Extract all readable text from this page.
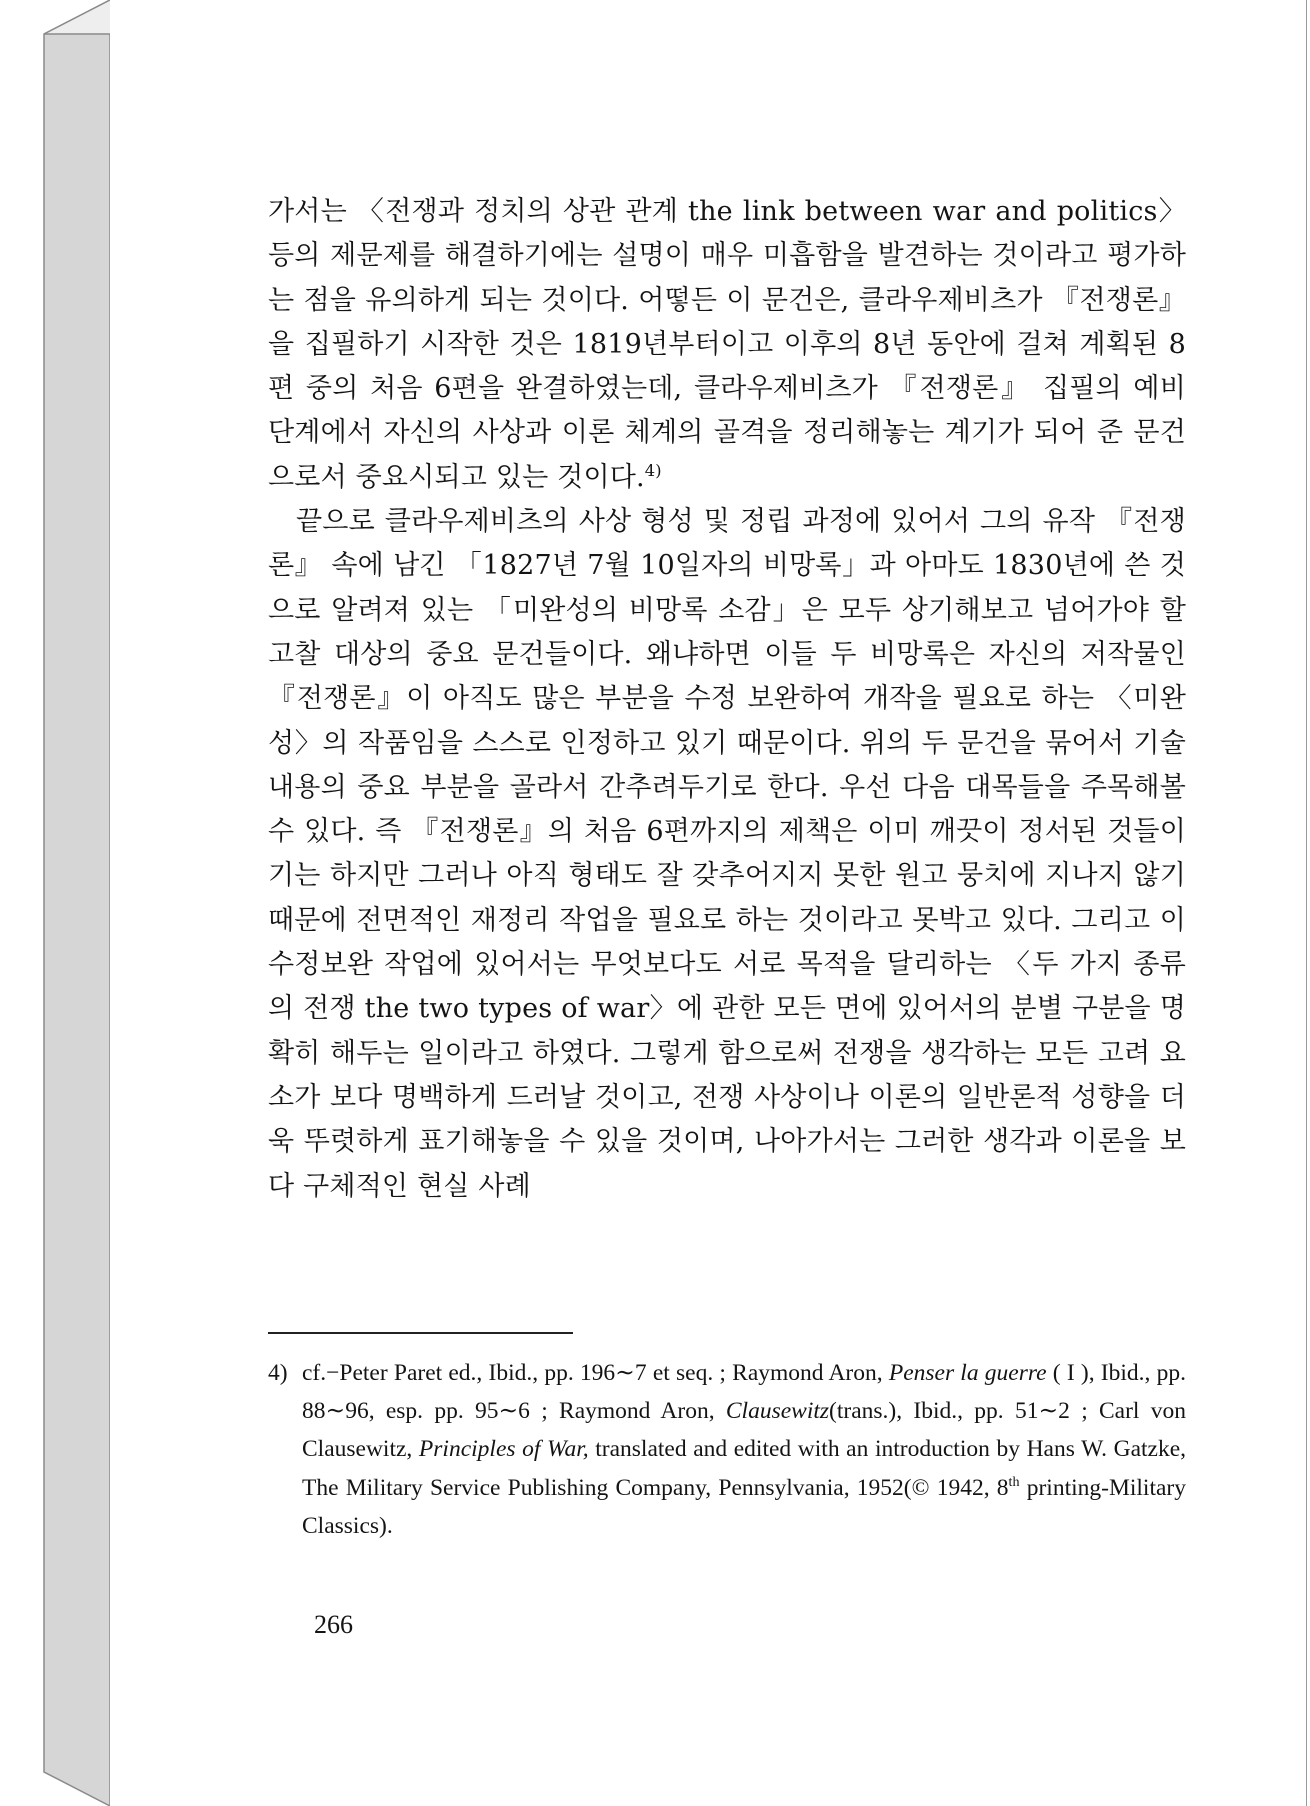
가서는 〈전쟁과 정치의 상관 관계 the link between war and politics〉 등의 제문제를 해결하기에는 설명이 매우 미흡함을 발견하는 것이라고 평가하는 점을 유의하게 되는 것이다. 어떻든 이 문건은, 클라우제비츠가 『전쟁론』을 집필하기 시작한 것은 1819년부터이고 이후의 8년 동안에 걸쳐 계획된 8편 중의 처음 6편을 완결하였는데, 클라우제비츠가 『전쟁론』 집필의 예비 단계에서 자신의 사상과 이론 체계의 골격을 정리해놓는 계기가 되어 준 문건으로서 중요시되고 있는 것이다.$^{4)}$

끝으로 클라우제비츠의 사상 형성 및 정립 과정에 있어서 그의 유작 『전쟁론』 속에 남긴 「1827년 7월 10일자의 비망록」과 아마도 1830년에 쓴 것으로 알려져 있는 「미완성의 비망록 소감」은 모두 상기해보고 넘어가야 할 고찰 대상의 중요 문건들이다. 왜냐하면 이들 두 비망록은 자신의 저작물인 『전쟁론』이 아직도 많은 부분을 수정 보완하여 개작을 필요로 하는 〈미완성〉의 작품임을 스스로 인정하고 있기 때문이다. 위의 두 문건을 묶어서 기술 내용의 중요 부분을 골라서 간추려두기로 한다. 우선 다음 대목들을 주목해볼 수 있다. 즉 『전쟁론』의 처음 6편까지의 제책은 이미 깨끗이 정서된 것들이기는 하지만 그러나 아직 형태도 잘 갖추어지지 못한 원고 뭉치에 지나지 않기 때문에 전면적인 재정리 작업을 필요로 하는 것이라고 못박고 있다. 그리고 이 수정보완 작업에 있어서는 무엇보다도 서로 목적을 달리하는 〈두 가지 종류의 전쟁 the two types of war〉에 관한 모든 면에 있어서의 분별 구분을 명확히 해두는 일이라고 하였다. 그렇게 함으로써 전쟁을 생각하는 모든 고려 요소가 보다 명백하게 드러날 것이고, 전쟁 사상이나 이론의 일반론적 성향을 더욱 뚜렷하게 표기해놓을 수 있을 것이며, 나아가서는 그러한 생각과 이론을 보다 구체적인 현실 사례

4) cf.−Peter Paret ed., Ibid., pp. 196∼7 et seq. ; Raymond Aron, Penser la guerre ( I ), Ibid., pp. 88∼96, esp. pp. 95∼6 ; Raymond Aron, Clausewitz(trans.), Ibid., pp. 51∼2 ; Carl von Clausewitz, Principles of War, translated and edited with an introduction by Hans W. Gatzke, The Military Service Publishing Company, Pennsylvania, 1952(© 1942, 8th printing-Military Classics).
266
